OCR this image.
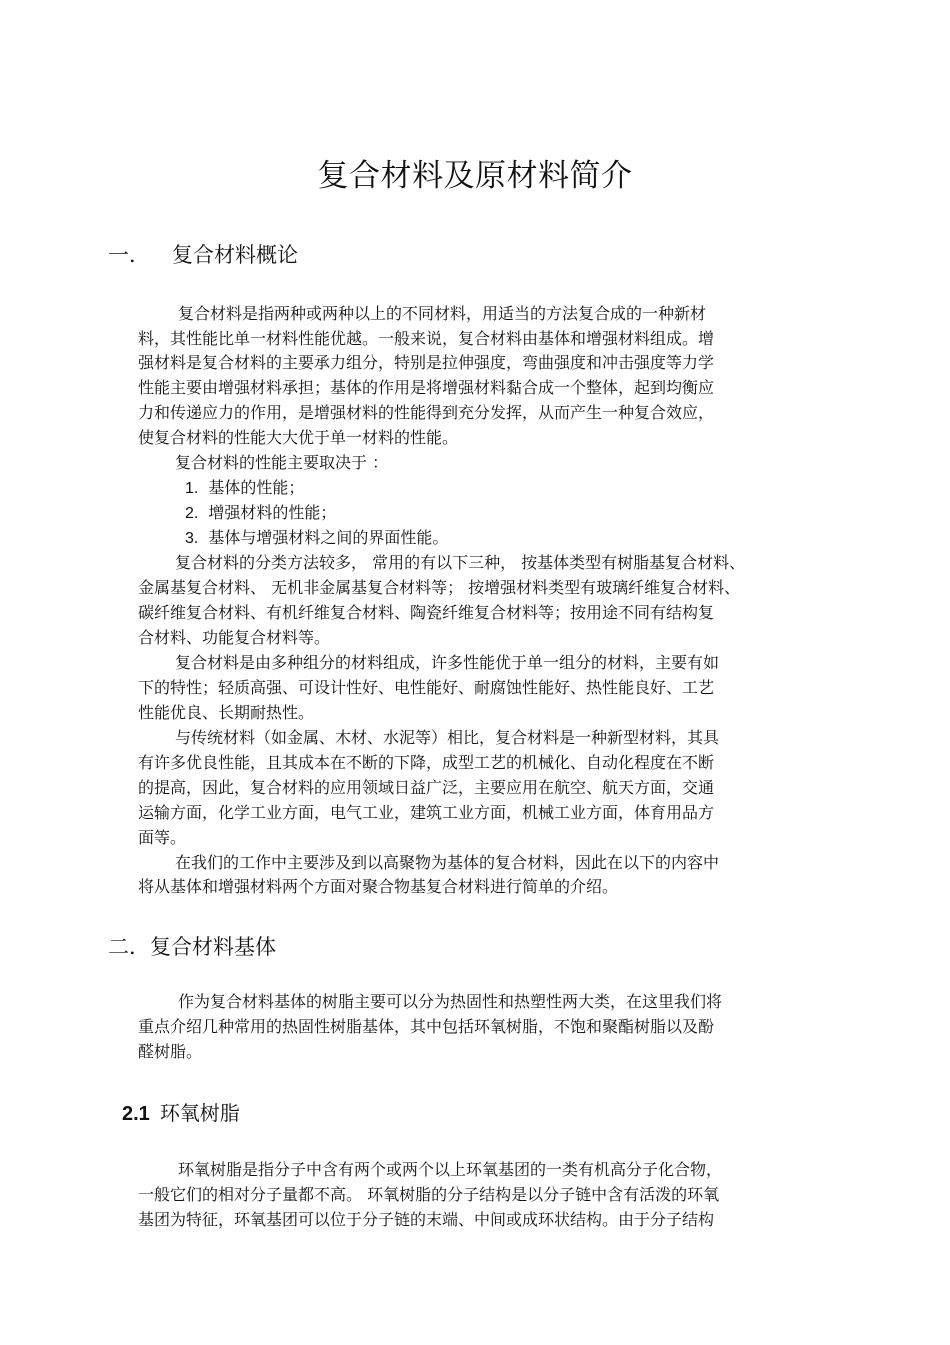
复合材料及原材料简介
一． 复合材料概论
复合材料是指两种或两种以上的不同材料，用适当的方法复合成的一种新材
料，其性能比单一材料性能优越。一般来说，复合材料由基体和增强材料组成。增
强材料是复合材料的主要承力组分，特别是拉伸强度，弯曲强度和冲击强度等力学
性能主要由增强材料承担；基体的作用是将增强材料黏合成一个整体，起到均衡应
力和传递应力的作用，是增强材料的性能得到充分发挥，从而产生一种复合效应，
使复合材料的性能大大优于单一材料的性能。
复合材料的性能主要取决于 ：
1. 基体的性能；
2. 增强材料的性能；
3. 基体与增强材料之间的界面性能。
复合材料的分类方法较多， 常用的有以下三种， 按基体类型有树脂基复合材料、
金属基复合材料、 无机非金属基复合材料等； 按增强材料类型有玻璃纤维复合材料、
碳纤维复合材料、有机纤维复合材料、陶瓷纤维复合材料等；按用途不同有结构复
合材料、功能复合材料等。
复合材料是由多种组分的材料组成，许多性能优于单一组分的材料，主要有如
下的特性；轻质高强、可设计性好、电性能好、耐腐蚀性能好、热性能良好、工艺
性能优良、长期耐热性。
与传统材料（如金属、木材、水泥等）相比，复合材料是一种新型材料，其具
有许多优良性能，且其成本在不断的下降，成型工艺的机械化、自动化程度在不断
的提高，因此，复合材料的应用领域日益广泛，主要应用在航空、航天方面，交通
运输方面，化学工业方面，电气工业，建筑工业方面，机械工业方面，体育用品方
面等。
在我们的工作中主要涉及到以高聚物为基体的复合材料，因此在以下的内容中
将从基体和增强材料两个方面对聚合物基复合材料进行简单的介绍。
二．复合材料基体
作为复合材料基体的树脂主要可以分为热固性和热塑性两大类，在这里我们将
重点介绍几种常用的热固性树脂基体，其中包括环氧树脂，不饱和聚酯树脂以及酚
醛树脂。
2.1 环氧树脂
环氧树脂是指分子中含有两个或两个以上环氧基团的一类有机高分子化合物，
一般它们的相对分子量都不高。 环氧树脂的分子结构是以分子链中含有活泼的环氧
基团为特征，环氧基团可以位于分子链的末端、中间或成环状结构。由于分子结构
